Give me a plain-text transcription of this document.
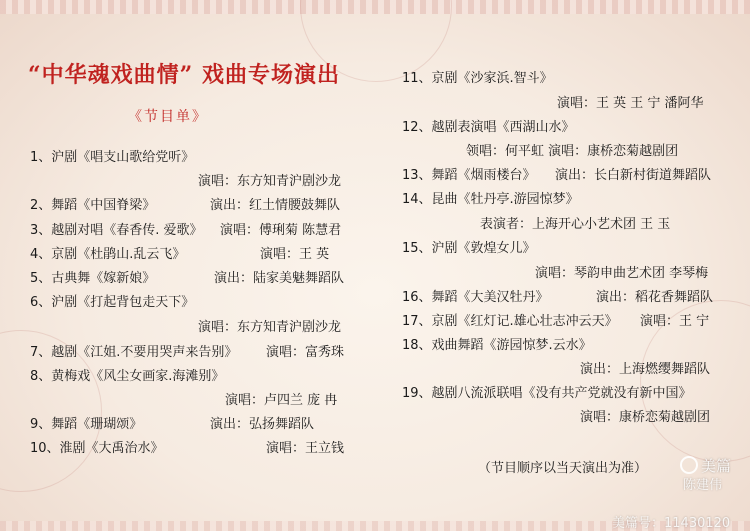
“中华魂戏曲情” 戏曲专场演出
《节目单》
1、沪剧《唱支山歌给党听》
演唱：东方知青沪剧沙龙
2、舞蹈《中国脊梁》	演出：红土情腰鼓舞队
3、越剧对唱《春香传. 爱歌》 演唱：傅琍菊 陈慧君
4、京剧《杜鹃山.乱云飞》	演唱：王 英
5、古典舞《嫁新娘》	演出：陆家美魅舞蹈队
6、沪剧《打起背包走天下》
演唱：东方知青沪剧沙龙
7、越剧《江姐.不要用哭声来告别》 演唱：富秀珠
8、黄梅戏《风尘女画家.海滩别》
演唱：卢四兰 庞 冉
9、舞蹈《珊瑚颂》	演出：弘扬舞蹈队
10、淮剧《大禹治水》	演唱：王立钱
11、京剧《沙家浜.智斗》
演唱：王 英 王 宁 潘阿华
12、越剧表演唱《西湖山水》
领唱：何平虹 演唱：康桥恋菊越剧团
13、舞蹈《烟雨楼台》 演出：长白新村街道舞蹈队
14、昆曲《牡丹亭.游园惊梦》
表演者：上海开心小艺术团 王 玉
15、沪剧《敦煌女儿》
演唱：琴韵申曲艺术团 李琴梅
16、舞蹈《大美汉牡丹》	演出：稻花香舞蹈队
17、京剧《红灯记.雄心壮志冲云天》 演唱：王 宁
18、戏曲舞蹈《游园惊梦.云水》
演出：上海燃缨舞蹈队
19、越剧八流派联唱《没有共产党就没有新中国》
演唱：康桥恋菊越剧团
（节目顺序以当天演出为准）	美篇
陈建伟
美篇号：11430120
